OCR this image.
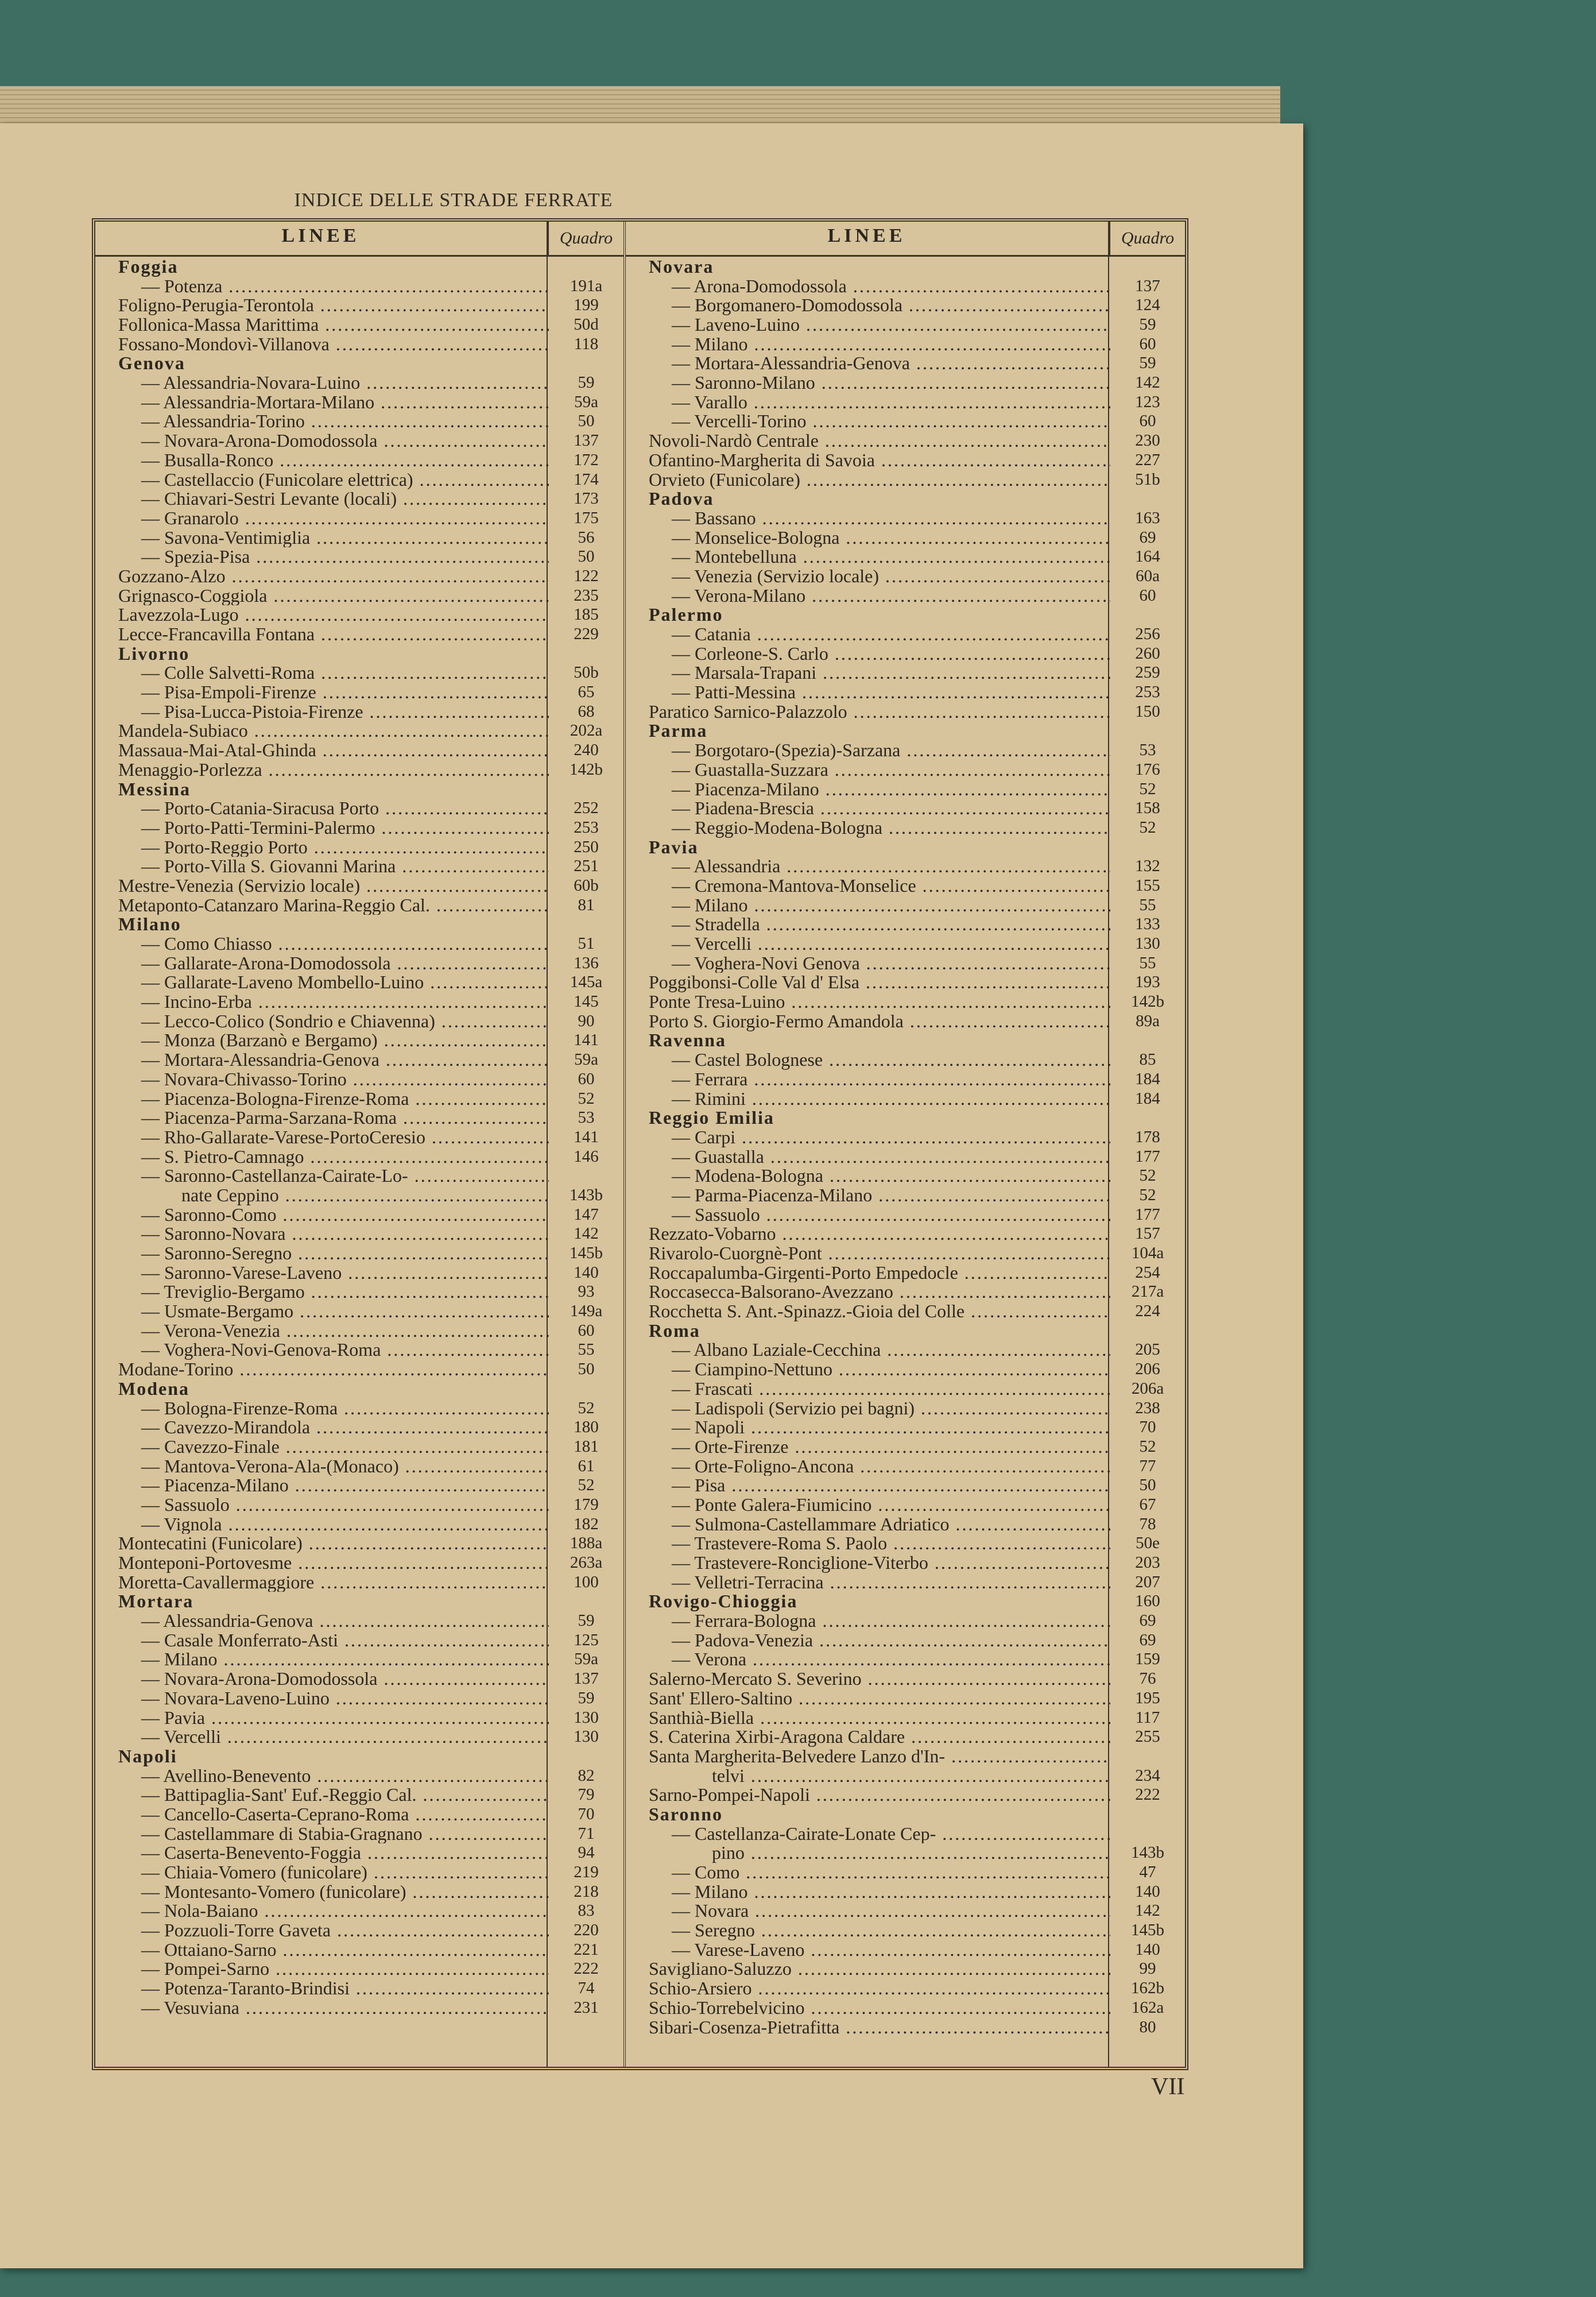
INDICE DELLE STRADE FERRATE
LINEE	Quadro
Foggia
— Potenza .....	191a
Foligno-Perugia-Terontola .....	199
Follonica-Massa Marittima .....	50d
Fossano-Mondovì-Villanova .....	118
Genova
— Alessandria-Novara-Luino .....	59
— Alessandria-Mortara-Milano .....	59a
— Alessandria-Torino .....	50
— Novara-Arona-Domodossola .....	137
— Busalla-Ronco .....	172
— Castellaccio (Funicolare elettrica) .....	174
— Chiavari-Sestri Levante (locali) .....	173
— Granarolo .....	175
— Savona-Ventimiglia .....	56
— Spezia-Pisa .....	50
Gozzano-Alzo .....	122
Grignasco-Coggiola .....	235
Lavezzola-Lugo .....	185
Lecce-Francavilla Fontana .....	229
Livorno
— Colle Salvetti-Roma .....	50b
— Pisa-Empoli-Firenze .....	65
— Pisa-Lucca-Pistoia-Firenze .....	68
Mandela-Subiaco .....	202a
Massaua-Mai-Atal-Ghinda .....	240
Menaggio-Porlezza .....	142b
Messina
— Porto-Catania-Siracusa Porto .....	252
— Porto-Patti-Termini-Palermo .....	253
— Porto-Reggio Porto .....	250
— Porto-Villa S. Giovanni Marina .....	251
Mestre-Venezia (Servizio locale) .....	60b
Metaponto-Catanzaro Marina-Reggio Cal. .....	81
Milano
— Como Chiasso .....	51
— Gallarate-Arona-Domodossola .....	136
— Gallarate-Laveno Mombello-Luino .....	145a
— Incino-Erba .....	145
— Lecco-Colico (Sondrio e Chiavenna) .....	90
— Monza (Barzanò e Bergamo) .....	141
— Mortara-Alessandria-Genova .....	59a
— Novara-Chivasso-Torino .....	60
— Piacenza-Bologna-Firenze-Roma .....	52
— Piacenza-Parma-Sarzana-Roma .....	53
— Rho-Gallarate-Varese-PortoCeresio .....	141
— S. Pietro-Camnago .....	146
— Saronno-Castellanza-Cairate-Lo- .....
nate Ceppino .....	143b
— Saronno-Como .....	147
— Saronno-Novara .....	142
— Saronno-Seregno .....	145b
— Saronno-Varese-Laveno .....	140
— Treviglio-Bergamo .....	93
— Usmate-Bergamo .....	149a
— Verona-Venezia .....	60
— Voghera-Novi-Genova-Roma .....	55
Modane-Torino .....	50
Modena
— Bologna-Firenze-Roma .....	52
— Cavezzo-Mirandola .....	180
— Cavezzo-Finale .....	181
— Mantova-Verona-Ala-(Monaco) .....	61
— Piacenza-Milano .....	52
— Sassuolo .....	179
— Vignola .....	182
Montecatini (Funicolare) .....	188a
Monteponi-Portovesme .....	263a
Moretta-Cavallermaggiore .....	100
Mortara
— Alessandria-Genova .....	59
— Casale Monferrato-Asti .....	125
— Milano .....	59a
— Novara-Arona-Domodossola .....	137
— Novara-Laveno-Luino .....	59
— Pavia .....	130
— Vercelli .....	130
Napoli
— Avellino-Benevento .....	82
— Battipaglia-Sant' Euf.-Reggio Cal. .....	79
— Cancello-Caserta-Ceprano-Roma .....	70
— Castellammare di Stabia-Gragnano .....	71
— Caserta-Benevento-Foggia .....	94
— Chiaia-Vomero (funicolare) .....	219
— Montesanto-Vomero (funicolare) .....	218
— Nola-Baiano .....	83
— Pozzuoli-Torre Gaveta .....	220
— Ottaiano-Sarno .....	221
— Pompei-Sarno .....	222
— Potenza-Taranto-Brindisi .....	74
— Vesuviana .....	231
LINEE	Quadro
Novara
— Arona-Domodossola .....	137
— Borgomanero-Domodossola .....	124
— Laveno-Luino .....	59
— Milano .....	60
— Mortara-Alessandria-Genova .....	59
— Saronno-Milano .....	142
— Varallo .....	123
— Vercelli-Torino .....	60
Novoli-Nardò Centrale .....	230
Ofantino-Margherita di Savoia .....	227
Orvieto (Funicolare) .....	51b
Padova
— Bassano .....	163
— Monselice-Bologna .....	69
— Montebelluna .....	164
— Venezia (Servizio locale) .....	60a
— Verona-Milano .....	60
Palermo
— Catania .....	256
— Corleone-S. Carlo .....	260
— Marsala-Trapani .....	259
— Patti-Messina .....	253
Paratico Sarnico-Palazzolo .....	150
Parma
— Borgotaro-(Spezia)-Sarzana .....	53
— Guastalla-Suzzara .....	176
— Piacenza-Milano .....	52
— Piadena-Brescia .....	158
— Reggio-Modena-Bologna .....	52
Pavia
— Alessandria .....	132
— Cremona-Mantova-Monselice .....	155
— Milano .....	55
— Stradella .....	133
— Vercelli .....	130
— Voghera-Novi Genova .....	55
Poggibonsi-Colle Val d' Elsa .....	193
Ponte Tresa-Luino .....	142b
Porto S. Giorgio-Fermo Amandola .....	89a
Ravenna
— Castel Bolognese .....	85
— Ferrara .....	184
— Rimini .....	184
Reggio Emilia
— Carpi .....	178
— Guastalla .....	177
— Modena-Bologna .....	52
— Parma-Piacenza-Milano .....	52
— Sassuolo .....	177
Rezzato-Vobarno .....	157
Rivarolo-Cuorgnè-Pont .....	104a
Roccapalumba-Girgenti-Porto Empedocle .....	254
Roccasecca-Balsorano-Avezzano .....	217a
Rocchetta S. Ant.-Spinazz.-Gioia del Colle .....	224
Roma
— Albano Laziale-Cecchina .....	205
— Ciampino-Nettuno .....	206
— Frascati .....	206a
— Ladispoli (Servizio pei bagni) .....	238
— Napoli .....	70
— Orte-Firenze .....	52
— Orte-Foligno-Ancona .....	77
— Pisa .....	50
— Ponte Galera-Fiumicino .....	67
— Sulmona-Castellammare Adriatico .....	78
— Trastevere-Roma S. Paolo .....	50e
— Trastevere-Ronciglione-Viterbo .....	203
— Velletri-Terracina .....	207
Rovigo-Chioggia	160
— Ferrara-Bologna .....	69
— Padova-Venezia .....	69
— Verona .....	159
Salerno-Mercato S. Severino .....	76
Sant' Ellero-Saltino .....	195
Santhià-Biella .....	117
S. Caterina Xirbi-Aragona Caldare .....	255
Santa Margherita-Belvedere Lanzo d'In- .....
telvi .....	234
Sarno-Pompei-Napoli .....	222
Saronno
— Castellanza-Cairate-Lonate Cep- .....
pino .....	143b
— Como .....	47
— Milano .....	140
— Novara .....	142
— Seregno .....	145b
— Varese-Laveno .....	140
Savigliano-Saluzzo .....	99
Schio-Arsiero .....	162b
Schio-Torrebelvicino .....	162a
Sibari-Cosenza-Pietrafitta .....	80
VII
